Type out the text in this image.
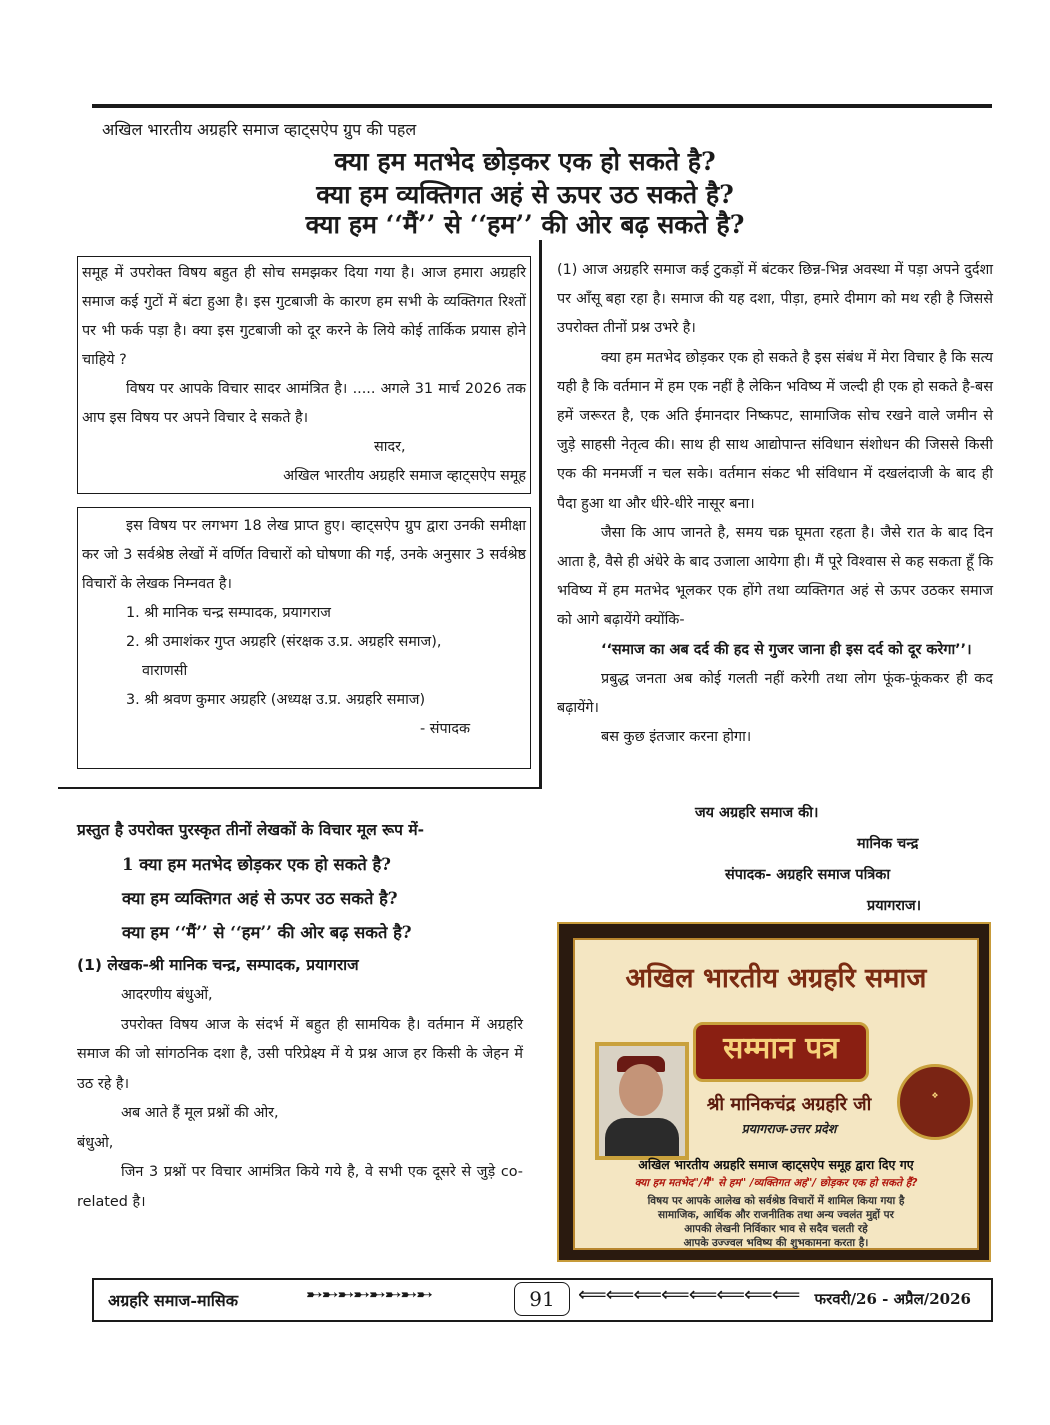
अखिल भारतीय अग्रहरि समाज व्हाट्सऐप ग्रुप की पहल
क्या हम मतभेद छोड़कर एक हो सकते है?
क्या हम व्यक्तिगत अहं से ऊपर उठ सकते है?
क्या हम ‘‘मैं’’ से ‘‘हम’’ की ओर बढ़ सकते है?

समूह में उपरोक्त विषय बहुत ही सोच समझकर दिया गया है। आज हमारा अग्रहरि समाज कई गुटों में बंटा हुआ है। इस गुटबाजी के कारण हम सभी के व्यक्तिगत रिश्तों पर भी फर्क पड़ा है। क्या इस गुटबाजी को दूर करने के लिये कोई तार्किक प्रयास होने चाहिये ?

विषय पर आपके विचार सादर आमंत्रित है। ..... अगले 31 मार्च 2026 तक आप इस विषय पर अपने विचार दे सकते है।

सादर,

अखिल भारतीय अग्रहरि समाज व्हाट्सऐप समूह

इस विषय पर लगभग 18 लेख प्राप्त हुए। व्हाट्सऐप ग्रुप द्वारा उनकी समीक्षा कर जो 3 सर्वश्रेष्ठ लेखों में वर्णित विचारों को घोषणा की गई, उनके अनुसार 3 सर्वश्रेष्ठ विचारों के लेखक निम्नवत है।

1. श्री मानिक चन्द्र सम्पादक, प्रयागराज

2. श्री उमाशंकर गुप्त अग्रहरि (संरक्षक उ.प्र. अग्रहरि समाज),

वाराणसी

3. श्री श्रवण कुमार अग्रहरि (अध्यक्ष उ.प्र. अग्रहरि समाज)

- संपादक

(1) आज अग्रहरि समाज कई टुकड़ों में बंटकर छिन्न-भिन्न अवस्था में पड़ा अपने दुर्दशा पर आँसू बहा रहा है। समाज की यह दशा, पीड़ा, हमारे दीमाग को मथ रही है जिससे उपरोक्त तीनों प्रश्न उभरे है।

क्या हम मतभेद छोड़कर एक हो सकते है इस संबंध में मेरा विचार है कि सत्य यही है कि वर्तमान में हम एक नहीं है लेकिन भविष्य में जल्दी ही एक हो सकते है-बस हमें जरूरत है, एक अति ईमानदार निष्कपट, सामाजिक सोच रखने वाले जमीन से जुड़े साहसी नेतृत्व की। साथ ही साथ आद्योपान्त संविधान संशोधन की जिससे किसी एक की मनमर्जी न चल सके। वर्तमान संकट भी संविधान में दखलंदाजी के बाद ही पैदा हुआ था और धीरे-धीरे नासूर बना।

जैसा कि आप जानते है, समय चक्र घूमता रहता है। जैसे रात के बाद दिन आता है, वैसे ही अंधेरे के बाद उजाला आयेगा ही। मैं पूरे विश्वास से कह सकता हूँ कि भविष्य में हम मतभेद भूलकर एक होंगे तथा व्यक्तिगत अहं से ऊपर उठकर समाज को आगे बढ़ायेंगे क्योंकि-

‘‘समाज का अब दर्द की हद से गुजर जाना ही इस दर्द को दूर करेगा’’।

प्रबुद्ध जनता अब कोई गलती नहीं करेगी तथा लोग फूंक-फूंककर ही कद बढ़ायेंगे।

बस कुछ इंतजार करना होगा।

जय अग्रहरि समाज की।
मानिक चन्द्र
संपादक- अग्रहरि समाज पत्रिका
प्रयागराज।

प्रस्तुत है उपरोक्त पुरस्कृत तीनों लेखकों के विचार मूल रूप में-

1 क्या हम मतभेद छोड़कर एक हो सकते है?
क्या हम व्यक्तिगत अहं से ऊपर उठ सकते है?
क्या हम ‘‘मैं’’ से ‘‘हम’’ की ओर बढ़ सकते है?

(1) लेखक-श्री मानिक चन्द्र, सम्पादक, प्रयागराज

आदरणीय बंधुओं,

उपरोक्त विषय आज के संदर्भ में बहुत ही सामयिक है। वर्तमान में अग्रहरि समाज की जो सांगठनिक दशा है, उसी परिप्रेक्ष्य में ये प्रश्न आज हर किसी के जेहन में उठ रहे है।

अब आते हैं मूल प्रश्नों की ओर,

बंधुओ,

जिन 3 प्रश्नों पर विचार आमंत्रित किये गये है, वे सभी एक दूसरे से जुड़े co-related है।

अखिल भारतीय अग्रहरि समाज
सम्मान पत्र
❖
श्री मानिकचंद्र अग्रहरि जी
प्रयागराज-उत्तर प्रदेश
अखिल भारतीय अग्रहरि समाज व्हाट्सऐप समूह द्वारा दिए गए
क्या हम मतभेद"/मैं" से हम" /व्यक्तिगत अहं"/ छोड़कर एक हो सकते हैं?
विषय पर आपके आलेख को सर्वश्रेष्ठ विचारों में शामिल किया गया है
सामाजिक, आर्थिक और राजनीतिक तथा अन्य ज्वलंत मुद्दों पर
आपकी लेखनी निर्विकार भाव से सदैव चलती रहे
आपके उज्ज्वल भविष्य की शुभकामना करता है।
अग्रहरि समाज-मासिक	➸➸➸➸➸➸➸➸	91	⟸⟸⟸⟸⟸⟸⟸⟸ फरवरी/26 - अप्रैल/2026
